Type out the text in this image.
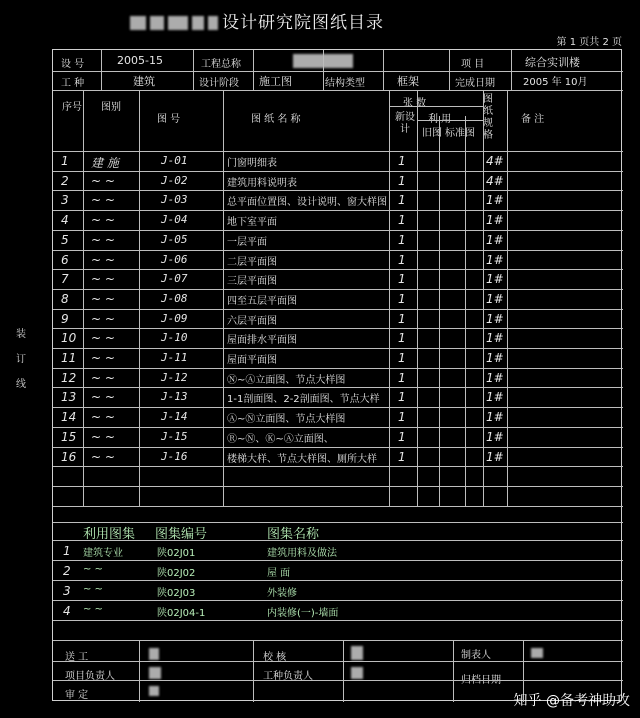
设计研究院图纸目录
第 1 页共 2 页
装
订
线
设 号	2005-15	工程总称	项 目	综合实训楼
工 种	建筑	设计阶段 施工图	结构类型	框架	完成日期	2005 年 10月
序号 图别
图 号	图 纸 名 称
张 数
新设计
利 用
旧图 标准图
图纸规格
备 注
1 建 施	J-01	门窗明细表	1	4#
2 ~ ~	J-02	建筑用料说明表	1	4#
3 ~ ~	J-03	总平面位置图、设计说明、窗大样图 1	1#
4 ~ ~	J-04	地下室平面	1	1#
5 ~ ~	J-05	一层平面	1	1#
6 ~ ~	J-06	二层平面图	1	1#
7 ~ ~	J-07	三层平面图	1	1#
8 ~ ~	J-08	四至五层平面图	1	1#
9 ~ ~	J-09	六层平面图	1	1#
10 ~ ~	J-10	屋面排水平面图	1	1#
11 ~ ~	J-11	屋面平面图	1	1#
12 ~ ~	J-12	Ⓝ~Ⓐ立面图、节点大样图	1	1#
13 ~ ~	J-13	1-1剖面图、2-2剖面图、节点大样 1	1#
14 ~ ~	J-14	Ⓐ~Ⓝ立面图、节点大样图	1	1#
15 ~ ~	J-15	Ⓡ~Ⓝ、Ⓚ~Ⓐ立面图、	1	1#
16 ~ ~	J-16	楼梯大样、节点大样图、厕所大样 1	1#
利用图集 图集编号	图集名称
1 建筑专业	陕02J01	建筑用料及做法
2 ~ ~	陕02J02	屋 面
3 ~ ~	陕02J03	外装修
4 ~ ~	陕02J04-1	内装修(一)-墙面
送 工	校 核	制表人
项目负责人	工种负责人	归档日期
审 定	知乎 @备考神助攻
